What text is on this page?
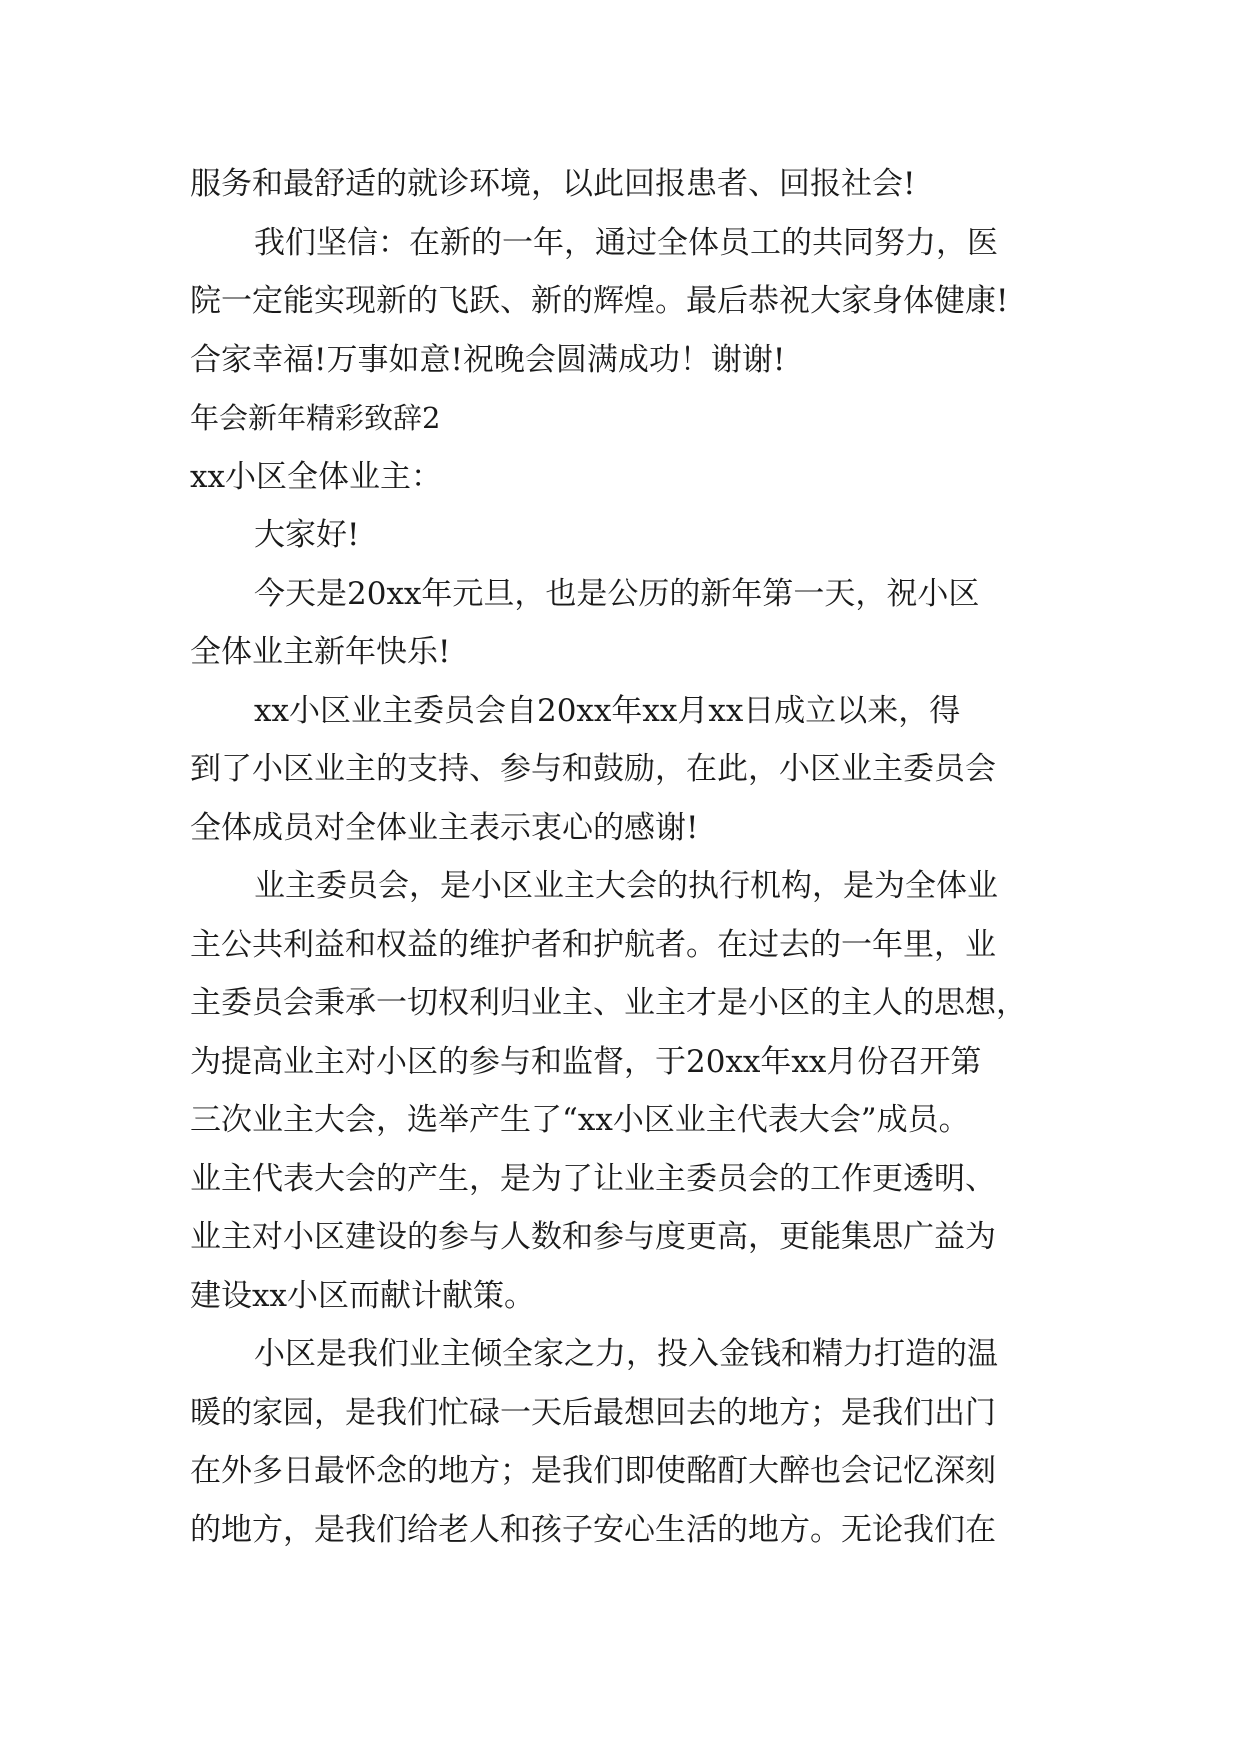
服务和最舒适的就诊环境，以此回报患者、回报社会!
我们坚信：在新的一年，通过全体员工的共同努力，医
院一定能实现新的飞跃、新的辉煌。最后恭祝大家身体健康!
合家幸福!万事如意!祝晚会圆满成功！谢谢!
年会新年精彩致辞2
xx小区全体业主：
大家好!
今天是20xx年元旦，也是公历的新年第一天，祝小区
全体业主新年快乐!
xx小区业主委员会自20xx年xx月xx日成立以来，得
到了小区业主的支持、参与和鼓励，在此，小区业主委员会
全体成员对全体业主表示衷心的感谢!
业主委员会，是小区业主大会的执行机构，是为全体业
主公共利益和权益的维护者和护航者。在过去的一年里，业
主委员会秉承一切权利归业主、业主才是小区的主人的思想，
为提高业主对小区的参与和监督，于20xx年xx月份召开第
三次业主大会，选举产生了“xx小区业主代表大会”成员。
业主代表大会的产生，是为了让业主委员会的工作更透明、
业主对小区建设的参与人数和参与度更高，更能集思广益为
建设xx小区而献计献策。
小区是我们业主倾全家之力，投入金钱和精力打造的温
暖的家园，是我们忙碌一天后最想回去的地方；是我们出门
在外多日最怀念的地方；是我们即使酩酊大醉也会记忆深刻
的地方，是我们给老人和孩子安心生活的地方。无论我们在
